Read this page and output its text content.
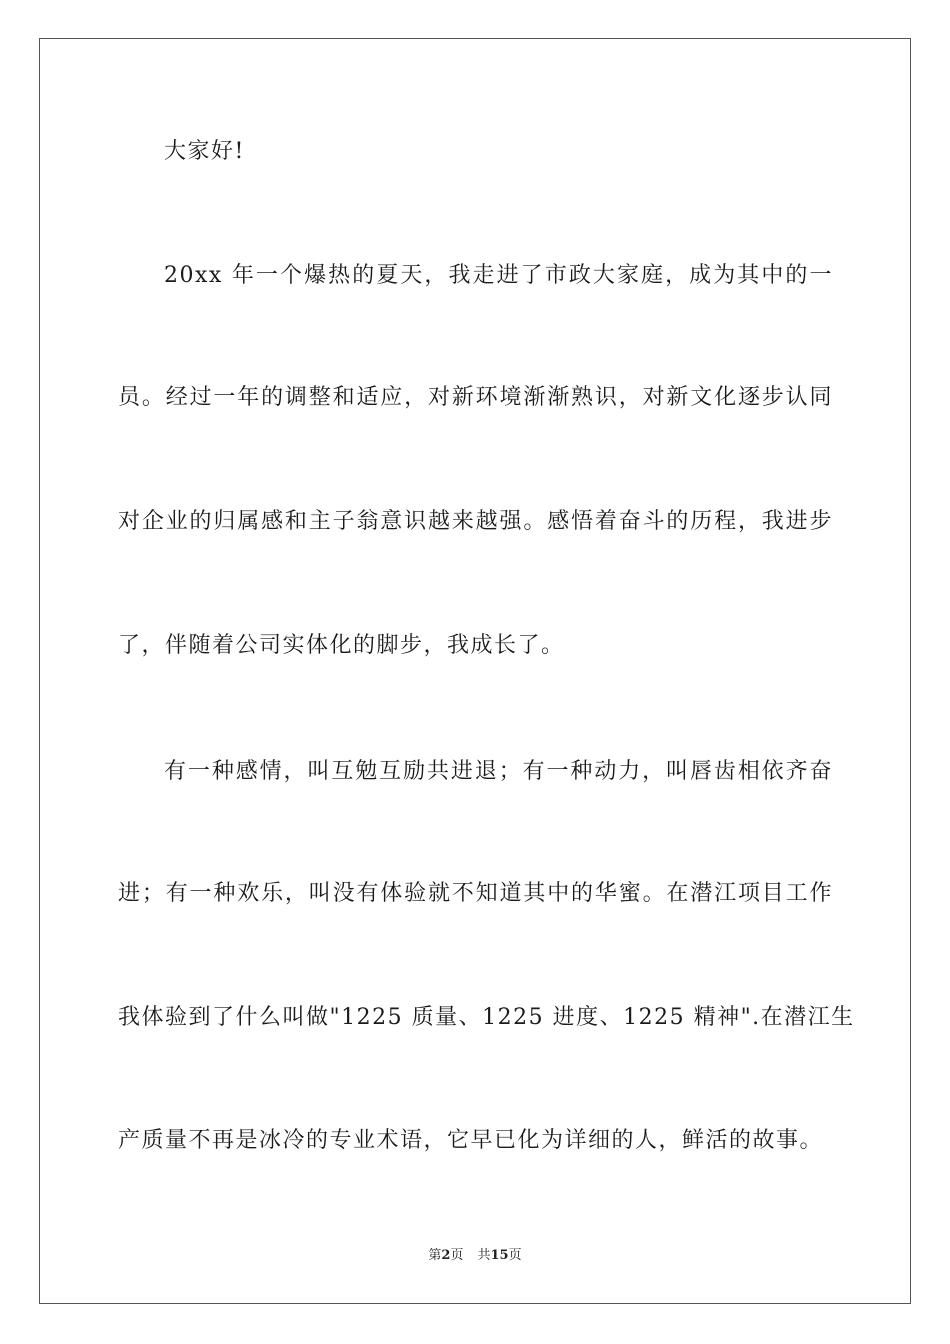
大家好!
20xx 年一个爆热的夏天，我走进了市政大家庭，成为其中的一
员。经过一年的调整和适应，对新环境渐渐熟识，对新文化逐步认同
对企业的归属感和主子翁意识越来越强。感悟着奋斗的历程，我进步
了，伴随着公司实体化的脚步，我成长了。
有一种感情，叫互勉互励共进退；有一种动力，叫唇齿相依齐奋
进；有一种欢乐，叫没有体验就不知道其中的华蜜。在潜江项目工作
我体验到了什么叫做"1225 质量、1225 进度、1225 精神".在潜江生
产质量不再是冰冷的专业术语，它早已化为详细的人，鲜活的故事。
第2页 共15页
